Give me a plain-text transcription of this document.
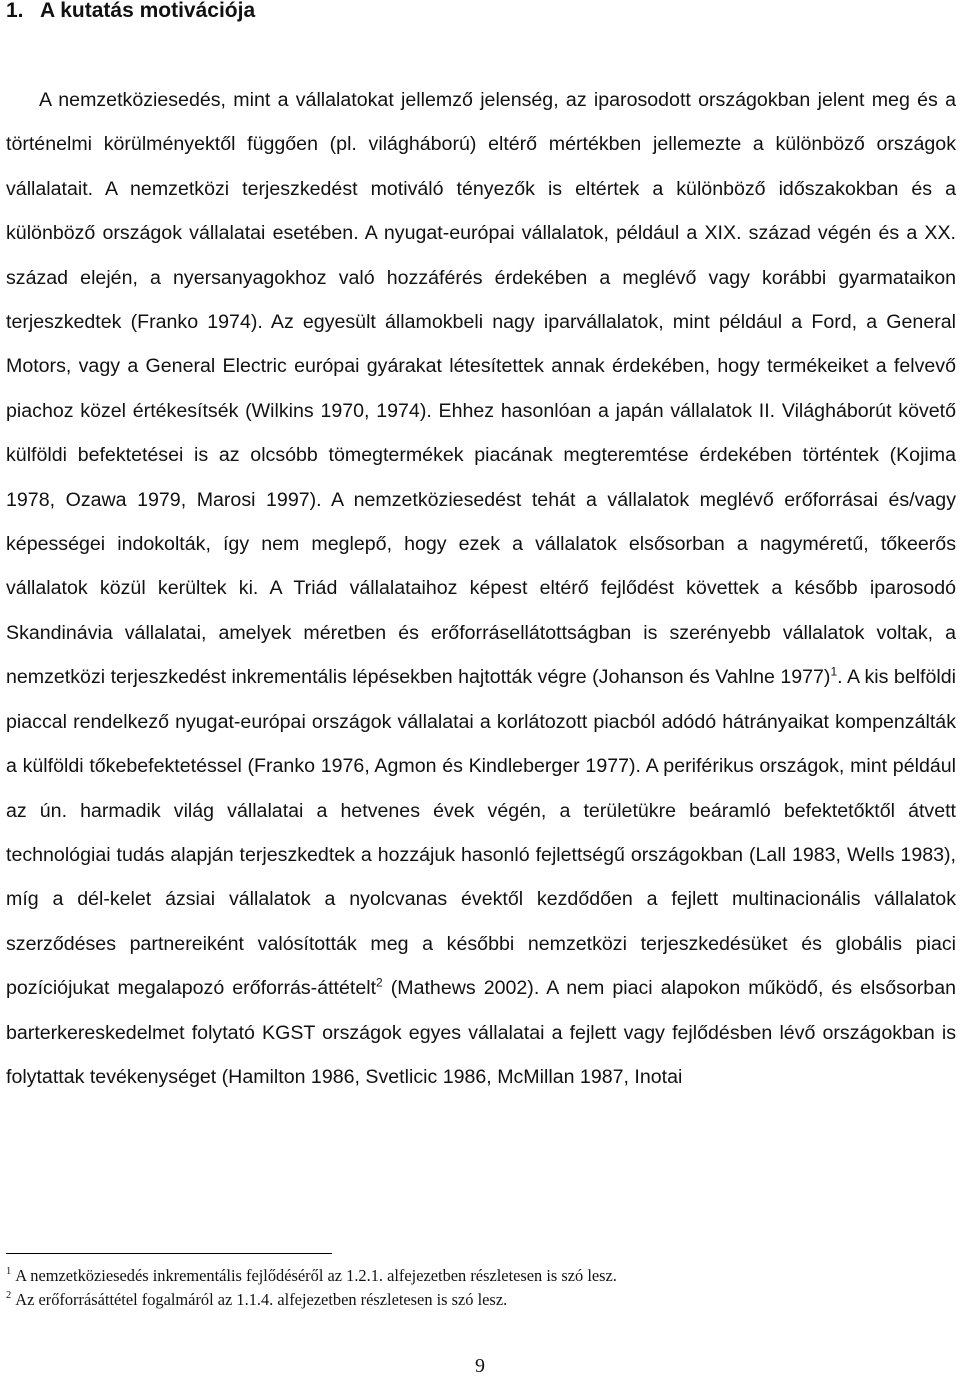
1. A kutatás motivációja

A nemzetköziesedés, mint a vállalatokat jellemző jelenség, az iparosodott országokban jelent meg és a történelmi körülményektől függően (pl. világháború) eltérő mértékben jellemezte a különböző országok vállalatait. A nemzetközi terjeszkedést motiváló tényezők is eltértek a különböző időszakokban és a különböző országok vállalatai esetében. A nyugat-európai vállalatok, például a XIX. század végén és a XX. század elején, a nyersanyagokhoz való hozzáférés érdekében a meglévő vagy korábbi gyarmataikon terjeszkedtek (Franko 1974). Az egyesült államokbeli nagy iparvállalatok, mint például a Ford, a General Motors, vagy a General Electric európai gyárakat létesítettek annak érdekében, hogy termékeiket a felvevő piachoz közel értékesítsék (Wilkins 1970, 1974). Ehhez hasonlóan a japán vállalatok II. Világháborút követő külföldi befektetései is az olcsóbb tömegtermékek piacának megteremtése érdekében történtek (Kojima 1978, Ozawa 1979, Marosi 1997). A nemzetköziesedést tehát a vállalatok meglévő erőforrásai és/vagy képességei indokolták, így nem meglepő, hogy ezek a vállalatok elsősorban a nagyméretű, tőkeerős vállalatok közül kerültek ki. A Triád vállalataihoz képest eltérő fejlődést követtek a később iparosodó Skandinávia vállalatai, amelyek méretben és erőforrásellátottságban is szerényebb vállalatok voltak, a nemzetközi terjeszkedést inkrementális lépésekben hajtották végre (Johanson és Vahlne 1977)$^1$. A kis belföldi piaccal rendelkező nyugat-európai országok vállalatai a korlátozott piacból adódó hátrányaikat kompenzálták a külföldi tőkebefektetéssel (Franko 1976, Agmon és Kindleberger 1977). A periférikus országok, mint például az ún. harmadik világ vállalatai a hetvenes évek végén, a területükre beáramló befektetőktől átvett technológiai tudás alapján terjeszkedtek a hozzájuk hasonló fejlettségű országokban (Lall 1983, Wells 1983), míg a dél-kelet ázsiai vállalatok a nyolcvanas évektől kezdődően a fejlett multinacionális vállalatok szerződéses partnereiként valósították meg a későbbi nemzetközi terjeszkedésüket és globális piaci pozíciójukat megalapozó erőforrás-áttételt$^2$ (Mathews 2002). A nem piaci alapokon működő, és elsősorban barterkereskedelmet folytató KGST országok egyes vállalatai a fejlett vagy fejlődésben lévő országokban is folytattak tevékenységet (Hamilton 1986, Svetlicic 1986, McMillan 1987, Inotai

$^1$ A nemzetköziesedés inkrementális fejlődéséről az 1.2.1. alfejezetben részletesen is szó lesz.
$^2$ Az erőforrásáttétel fogalmáról az 1.1.4. alfejezetben részletesen is szó lesz.
9
